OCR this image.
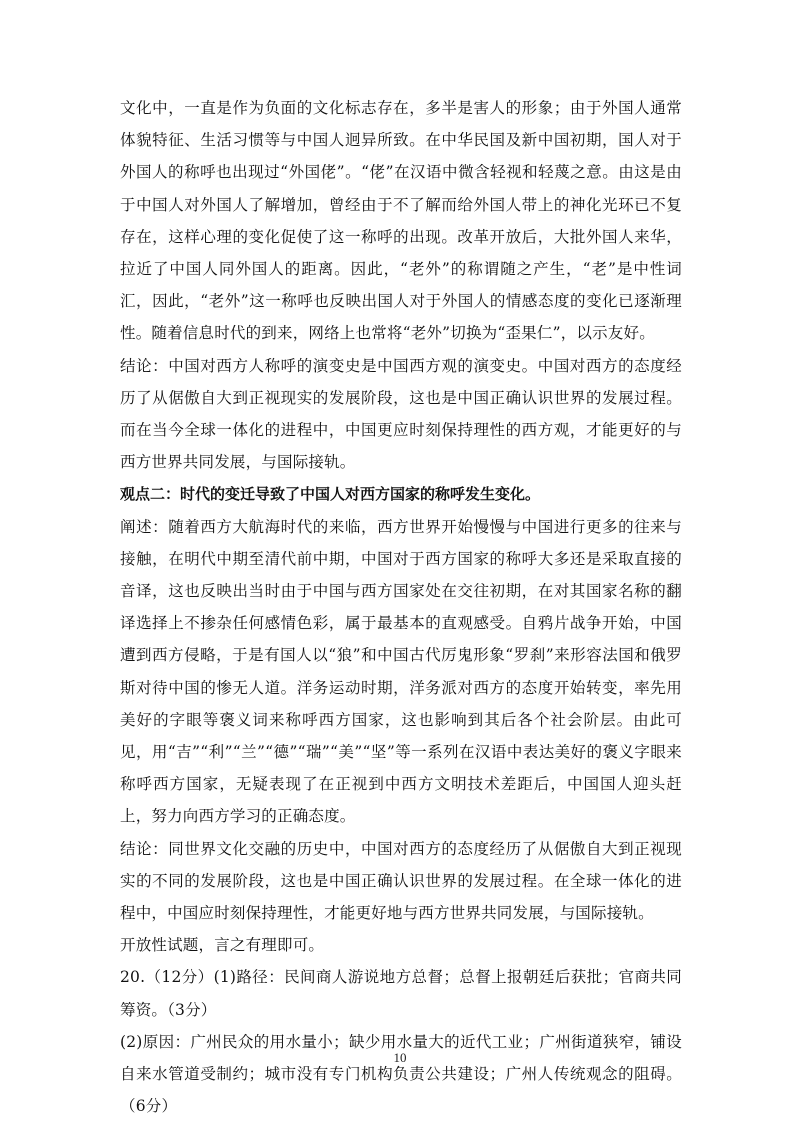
文化中，一直是作为负面的文化标志存在，多半是害人的形象；由于外国人通常体貌特征、生活习惯等与中国人迥异所致。在中华民国及新中国初期，国人对于外国人的称呼也出现过“外国佬”。“佬”在汉语中微含轻视和轻蔑之意。由这是由于中国人对外国人了解增加，曾经由于不了解而给外国人带上的神化光环已不复存在，这样心理的变化促使了这一称呼的出现。改革开放后，大批外国人来华，拉近了中国人同外国人的距离。因此，“老外”的称谓随之产生，“老”是中性词汇，因此，“老外”这一称呼也反映出国人对于外国人的情感态度的变化已逐渐理性。随着信息时代的到来，网络上也常将“老外”切换为“歪果仁”，以示友好。

结论：中国对西方人称呼的演变史是中国西方观的演变史。中国对西方的态度经历了从倨傲自大到正视现实的发展阶段，这也是中国正确认识世界的发展过程。而在当今全球一体化的进程中，中国更应时刻保持理性的西方观，才能更好的与西方世界共同发展，与国际接轨。

观点二：时代的变迁导致了中国人对西方国家的称呼发生变化。

阐述：随着西方大航海时代的来临，西方世界开始慢慢与中国进行更多的往来与接触，在明代中期至清代前中期，中国对于西方国家的称呼大多还是采取直接的音译，这也反映出当时由于中国与西方国家处在交往初期，在对其国家名称的翻译选择上不掺杂任何感情色彩，属于最基本的直观感受。自鸦片战争开始，中国遭到西方侵略，于是有国人以“狼”和中国古代厉鬼形象“罗刹”来形容法国和俄罗斯对待中国的惨无人道。洋务运动时期，洋务派对西方的态度开始转变，率先用美好的字眼等褒义词来称呼西方国家，这也影响到其后各个社会阶层。由此可见，用“吉”“利”“兰”“德”“瑞”“美”“坚”等一系列在汉语中表达美好的褒义字眼来称呼西方国家，无疑表现了在正视到中西方文明技术差距后，中国国人迎头赶上，努力向西方学习的正确态度。

结论：同世界文化交融的历史中，中国对西方的态度经历了从倨傲自大到正视现实的不同的发展阶段，这也是中国正确认识世界的发展过程。在全球一体化的进程中，中国应时刻保持理性，才能更好地与西方世界共同发展，与国际接轨。

开放性试题，言之有理即可。

20.（12分）(1)路径：民间商人游说地方总督；总督上报朝廷后获批；官商共同筹资。（3分）

(2)原因：广州民众的用水量小；缺少用水量大的近代工业；广州街道狭窄，铺设自来水管道受制约；城市没有专门机构负责公共建设；广州人传统观念的阻碍。（6分）

10
